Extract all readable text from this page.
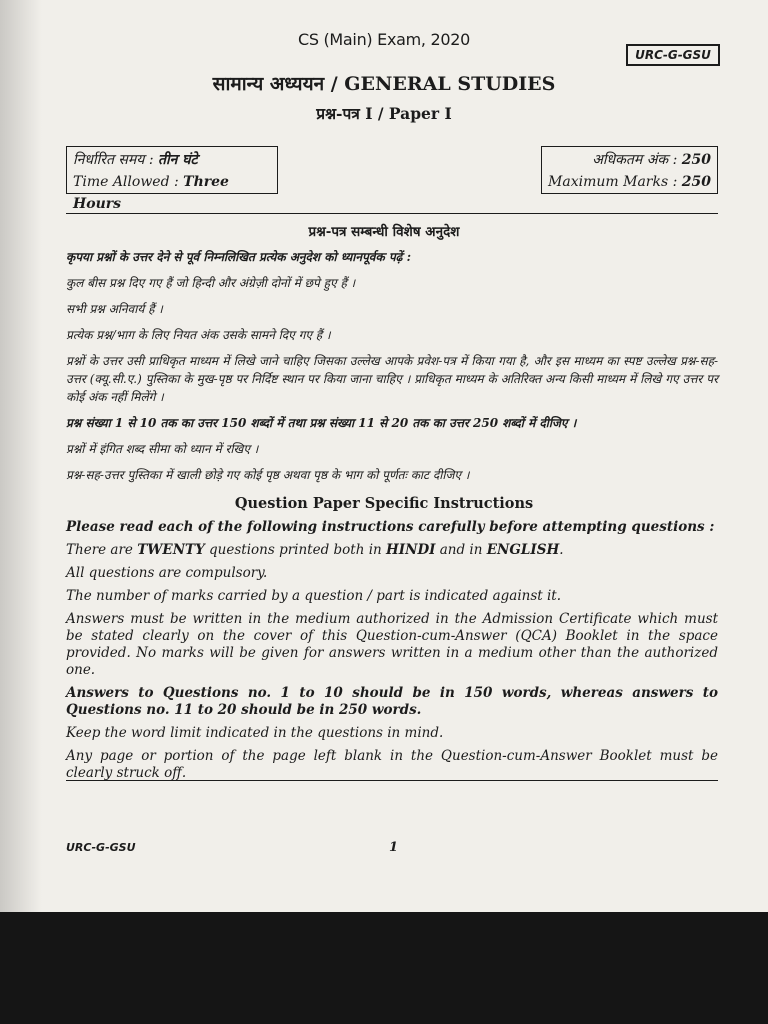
CS (Main) Exam, 2020
URC-G-GSU
सामान्य अध्ययन / GENERAL STUDIES
प्रश्न-पत्र I / Paper I
निर्धारित समय : तीन घंटे
Time Allowed : Three Hours
अधिकतम अंक : 250
Maximum Marks : 250
प्रश्न-पत्र सम्बन्धी विशेष अनुदेश
कृपया प्रश्नों के उत्तर देने से पूर्व निम्नलिखित प्रत्येक अनुदेश को ध्यानपूर्वक पढ़ें :
कुल बीस प्रश्न दिए गए हैं जो हिन्दी और अंग्रेज़ी दोनों में छपे हुए हैं ।
सभी प्रश्न अनिवार्य हैं ।
प्रत्येक प्रश्न/भाग के लिए नियत अंक उसके सामने दिए गए हैं ।
प्रश्नों के उत्तर उसी प्राधिकृत माध्यम में लिखे जाने चाहिए जिसका उल्लेख आपके प्रवेश-पत्र में किया गया है, और इस माध्यम का स्पष्ट उल्लेख प्रश्न-सह-उत्तर (क्यू.सी.ए.) पुस्तिका के मुख-पृष्ठ पर निर्दिष्ट स्थान पर किया जाना चाहिए । प्राधिकृत माध्यम के अतिरिक्त अन्य किसी माध्यम में लिखे गए उत्तर पर कोई अंक नहीं मिलेंगे ।
प्रश्न संख्या 1 से 10 तक का उत्तर 150 शब्दों में तथा प्रश्न संख्या 11 से 20 तक का उत्तर 250 शब्दों में दीजिए ।
प्रश्नों में इंगित शब्द सीमा को ध्यान में रखिए ।
प्रश्न-सह-उत्तर पुस्तिका में खाली छोड़े गए कोई पृष्ठ अथवा पृष्ठ के भाग को पूर्णतः काट दीजिए ।
Question Paper Specific Instructions
Please read each of the following instructions carefully before attempting questions :
There are TWENTY questions printed both in HINDI and in ENGLISH.
All questions are compulsory.
The number of marks carried by a question / part is indicated against it.
Answers must be written in the medium authorized in the Admission Certificate which must be stated clearly on the cover of this Question-cum-Answer (QCA) Booklet in the space provided. No marks will be given for answers written in a medium other than the authorized one.
Answers to Questions no. 1 to 10 should be in 150 words, whereas answers to Questions no. 11 to 20 should be in 250 words.
Keep the word limit indicated in the questions in mind.
Any page or portion of the page left blank in the Question-cum-Answer Booklet must be clearly struck off.
URC-G-GSU	1
